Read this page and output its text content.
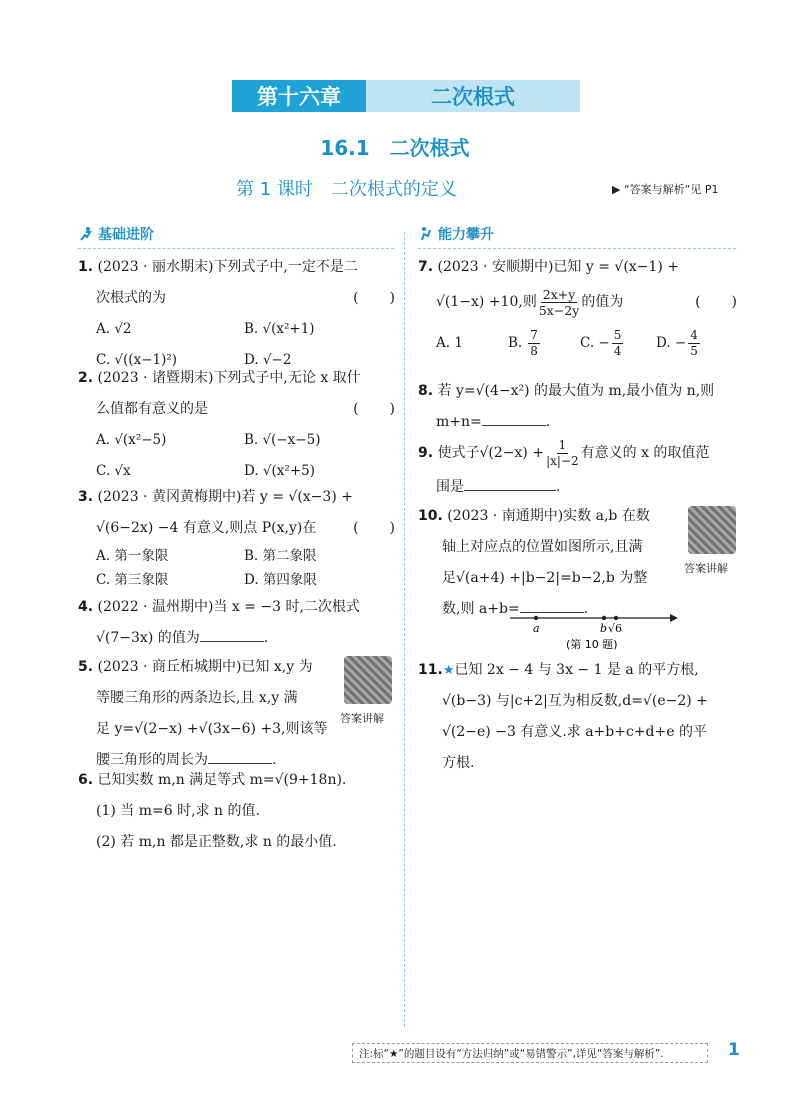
第十六章	二次根式
16.1　二次根式
第 1 课时　二次根式的定义	▶ “答案与解析”见 P1
基础进阶	能力攀升
1. (2023 · 丽水期末)下列式子中,一定不是二
次根式的为	(　　)
A. √2	B. √(x²+1)
C. √((x−1)²)	D. √−2
2. (2023 · 诸暨期末)下列式子中,无论 x 取什
么值都有意义的是	(　　)
A. √(x²−5)	B. √(−x−5)
C. √x	D. √(x²+5)
3. (2023 · 黄冈黄梅期中)若 y = √(x−3) +
√(6−2x) −4 有意义,则点 P(x,y)在	(　　)
A. 第一象限	B. 第二象限
C. 第三象限	D. 第四象限
4. (2022 · 温州期中)当 x = −3 时,二次根式
√(7−3x) 的值为	.
5. (2023 · 商丘柘城期中)已知 x,y 为
等腰三角形的两条边长,且 x,y 满
足 y=√(2−x) +√(3x−6) +3,则该等
腰三角形的周长为	.
答案讲解
6. 已知实数 m,n 满足等式 m=√(9+18n).
(1) 当 m=6 时,求 n 的值.
(2) 若 m,n 都是正整数,求 n 的最小值.
7. (2023 · 安顺期中)已知 y = √(x−1) +
√(1−x) +10,则 2x+y
5x−2y
的值为	(　　)
A. 1	B. 7
8	C. − $\frac{5}{4} D$. − $\frac{4}{5}$
8. 若 y=√(4−x²) 的最大值为 m,最小值为 n,则
m+n=	.
9.
使式子$√(2-x) + \frac{1}{|x|-2}$ 有意义的 x 的取值范
围是	.
10. (2023 · 南通期中)实数 a,b 在数
轴上对应点的位置如图所示,且满
足√(a+4) +|b−2|=b−2,b 为整
数,则 a+b=	.
答案讲解
a	b √6
(第 10 题)
11.★已知 2x − 4 与 3x − 1 是 a 的平方根,
√(b−3) 与|c+2|互为相反数,d=√(e−2) +
√(2−e) −3 有意义.求 a+b+c+d+e 的平
方根.
注:标“★”的题目设有“方法归纳”或“易错警示”,详见“答案与解析”.	1
